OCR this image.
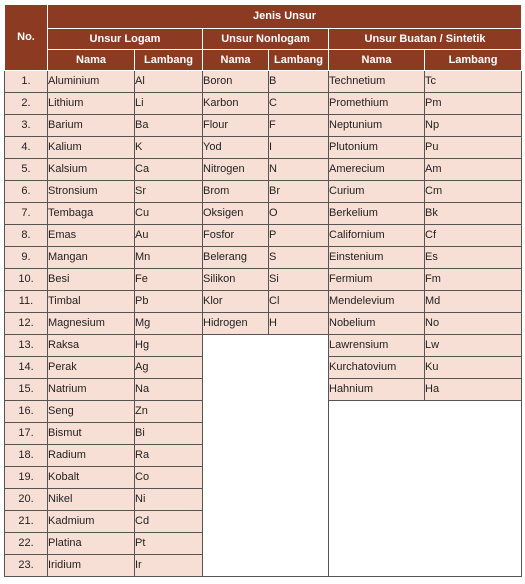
No.	Jenis Unsur					
	Unsur Logam		Unsur Nonlogam		Unsur Buatan / Sintetik	
	Nama	Lambang	Nama	Lambang	Nama	Lambang
1.	Aluminium	Al	Boron	B	Technetium	Tc
2.	Lithium	Li	Karbon	C	Promethium	Pm
3.	Barium	Ba	Flour	F	Neptunium	Np
4.	Kalium	K	Yod	I	Plutonium	Pu
5.	Kalsium	Ca	Nitrogen	N	Amerecium	Am
6.	Stronsium	Sr	Brom	Br	Curium	Cm
7.	Tembaga	Cu	Oksigen	O	Berkelium	Bk
8.	Emas	Au	Fosfor	P	Californium	Cf
9.	Mangan	Mn	Belerang	S	Einstenium	Es
10.	Besi	Fe	Silikon	Si	Fermium	Fm
11.	Timbal	Pb	Klor	Cl	Mendelevium	Md
12.	Magnesium	Mg	Hidrogen	H	Nobelium	No
13.	Raksa	Hg			Lawrensium	Lw
14.	Perak	Ag			Kurchatovium	Ku
15.	Natrium	Na			Hahnium	Ha
16.	Seng	Zn				
17.	Bismut	Bi				
18.	Radium	Ra				
19.	Kobalt	Co				
20.	Nikel	Ni				
21.	Kadmium	Cd				
22.	Platina	Pt				
23.	Iridium	Ir				
